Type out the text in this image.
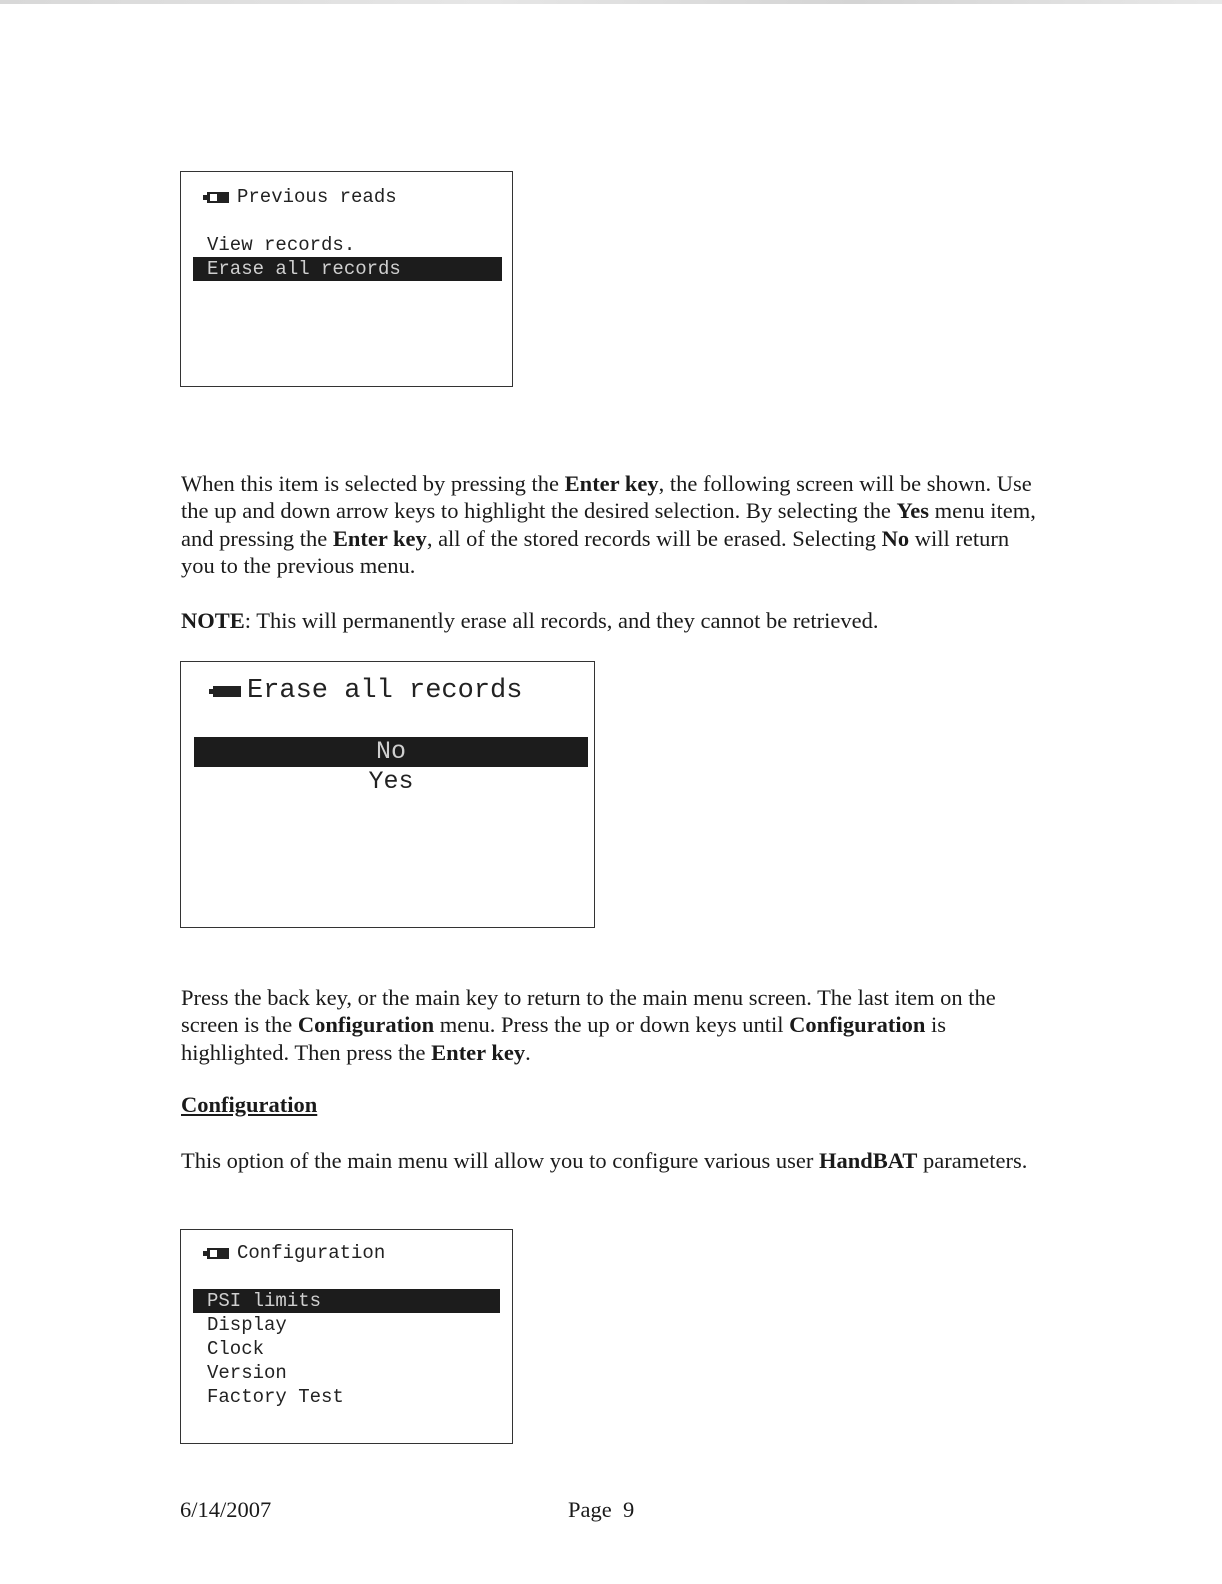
Previous reads
View records.
Erase all records

When this item is selected by pressing the Enter key, the following screen will be shown. Use the up and down arrow keys to highlight the desired selection. By selecting the Yes menu item, and pressing the Enter key, all of the stored records will be erased. Selecting No will return you to the previous menu.

NOTE: This will permanently erase all records, and they cannot be retrieved.

Erase all records
No
Yes

Press the back key, or the main key to return to the main menu screen. The last item on the screen is the Configuration menu. Press the up or down keys until Configuration is highlighted. Then press the Enter key.

Configuration

This option of the main menu will allow you to configure various user HandBAT parameters.

Configuration
PSI limits
Display
Clock
Version
Factory Test
6/14/2007	Page 9
